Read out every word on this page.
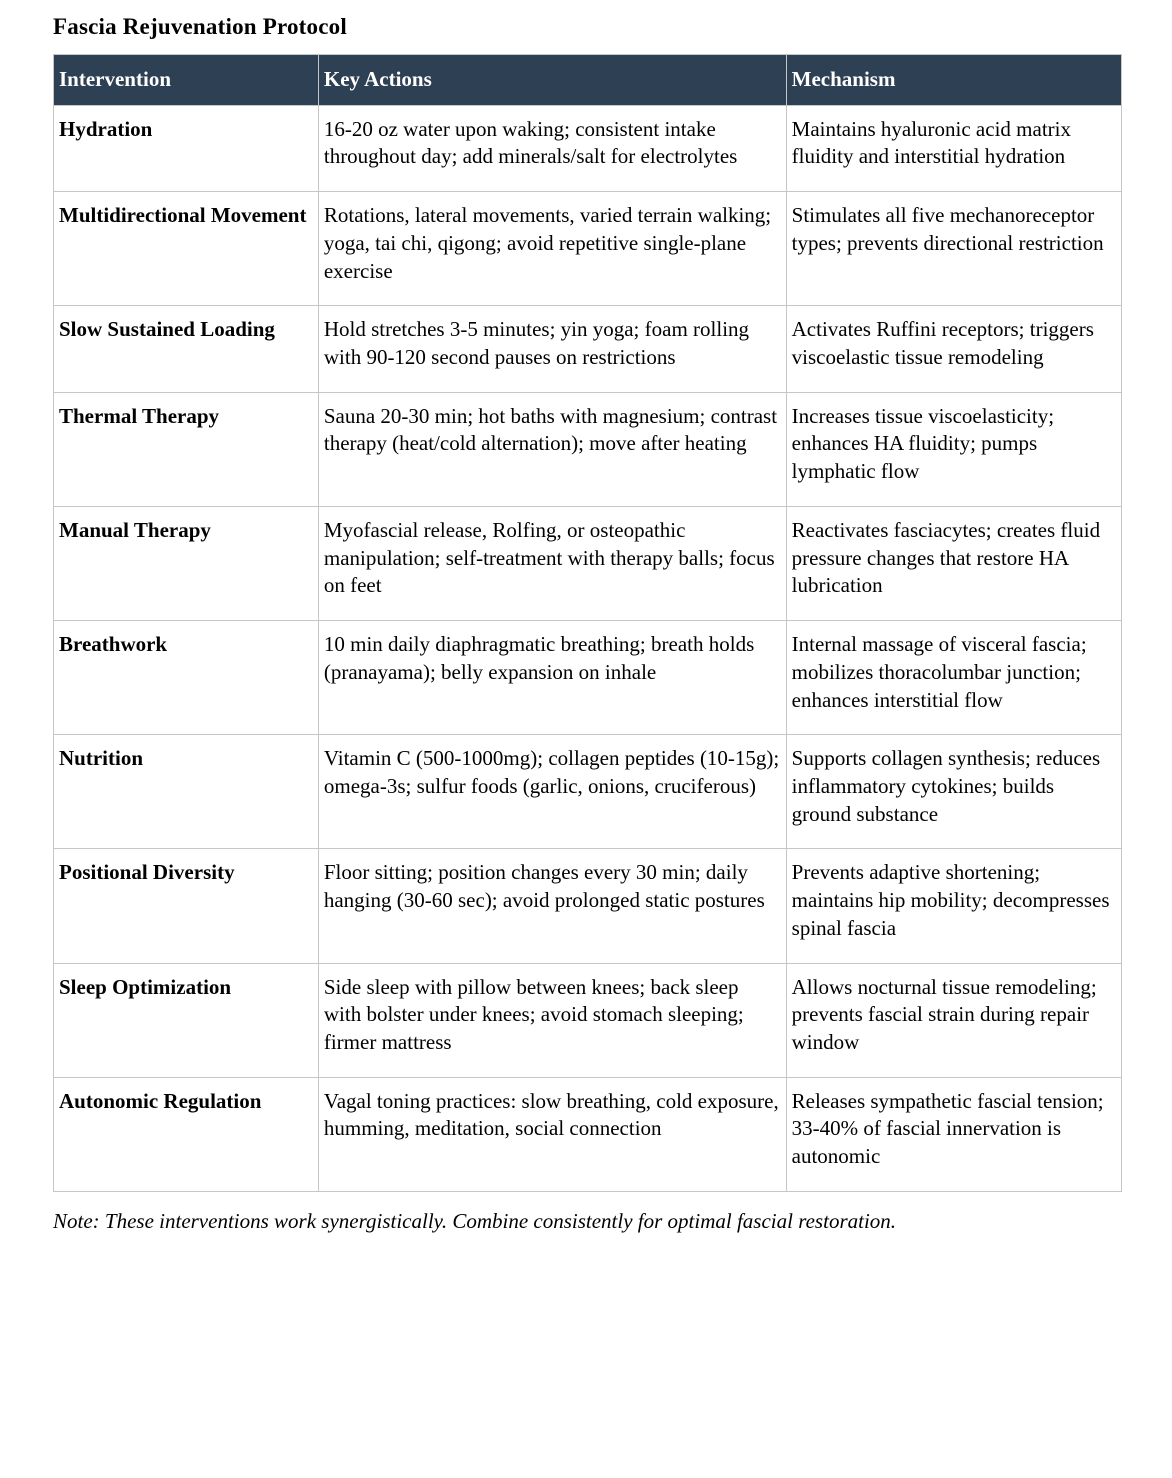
Fascia Rejuvenation Protocol
Intervention	Key Actions	Mechanism
Hydration	16-20 oz water upon waking; consistent intake throughout day; add minerals/salt for electrolytes	Maintains hyaluronic acid matrix fluidity and interstitial hydration
Multidirectional Movement	Rotations, lateral movements, varied terrain walking; yoga, tai chi, qigong; avoid repetitive single-plane exercise	Stimulates all five mechanoreceptor types; prevents directional restriction
Slow Sustained Loading	Hold stretches 3-5 minutes; yin yoga; foam rolling with 90-120 second pauses on restrictions	Activates Ruffini receptors; triggers viscoelastic tissue remodeling
Thermal Therapy	Sauna 20-30 min; hot baths with magnesium; contrast therapy (heat/cold alternation); move after heating	Increases tissue viscoelasticity; enhances HA fluidity; pumps lymphatic flow
Manual Therapy	Myofascial release, Rolfing, or osteopathic manipulation; self-treatment with therapy balls; focus on feet	Reactivates fasciacytes; creates fluid pressure changes that restore HA lubrication
Breathwork	10 min daily diaphragmatic breathing; breath holds (pranayama); belly expansion on inhale	Internal massage of visceral fascia; mobilizes thoracolumbar junction; enhances interstitial flow
Nutrition	Vitamin C (500-1000mg); collagen peptides (10-15g); omega-3s; sulfur foods (garlic, onions, cruciferous)	Supports collagen synthesis; reduces inflammatory cytokines; builds ground substance
Positional Diversity	Floor sitting; position changes every 30 min; daily hanging (30-60 sec); avoid prolonged static postures	Prevents adaptive shortening; maintains hip mobility; decompresses spinal fascia
Sleep Optimization	Side sleep with pillow between knees; back sleep with bolster under knees; avoid stomach sleeping; firmer mattress	Allows nocturnal tissue remodeling; prevents fascial strain during repair window
Autonomic Regulation	Vagal toning practices: slow breathing, cold exposure, humming, meditation, social connection	Releases sympathetic fascial tension; 33-40% of fascial innervation is autonomic

Note: These interventions work synergistically. Combine consistently for optimal fascial restoration.
